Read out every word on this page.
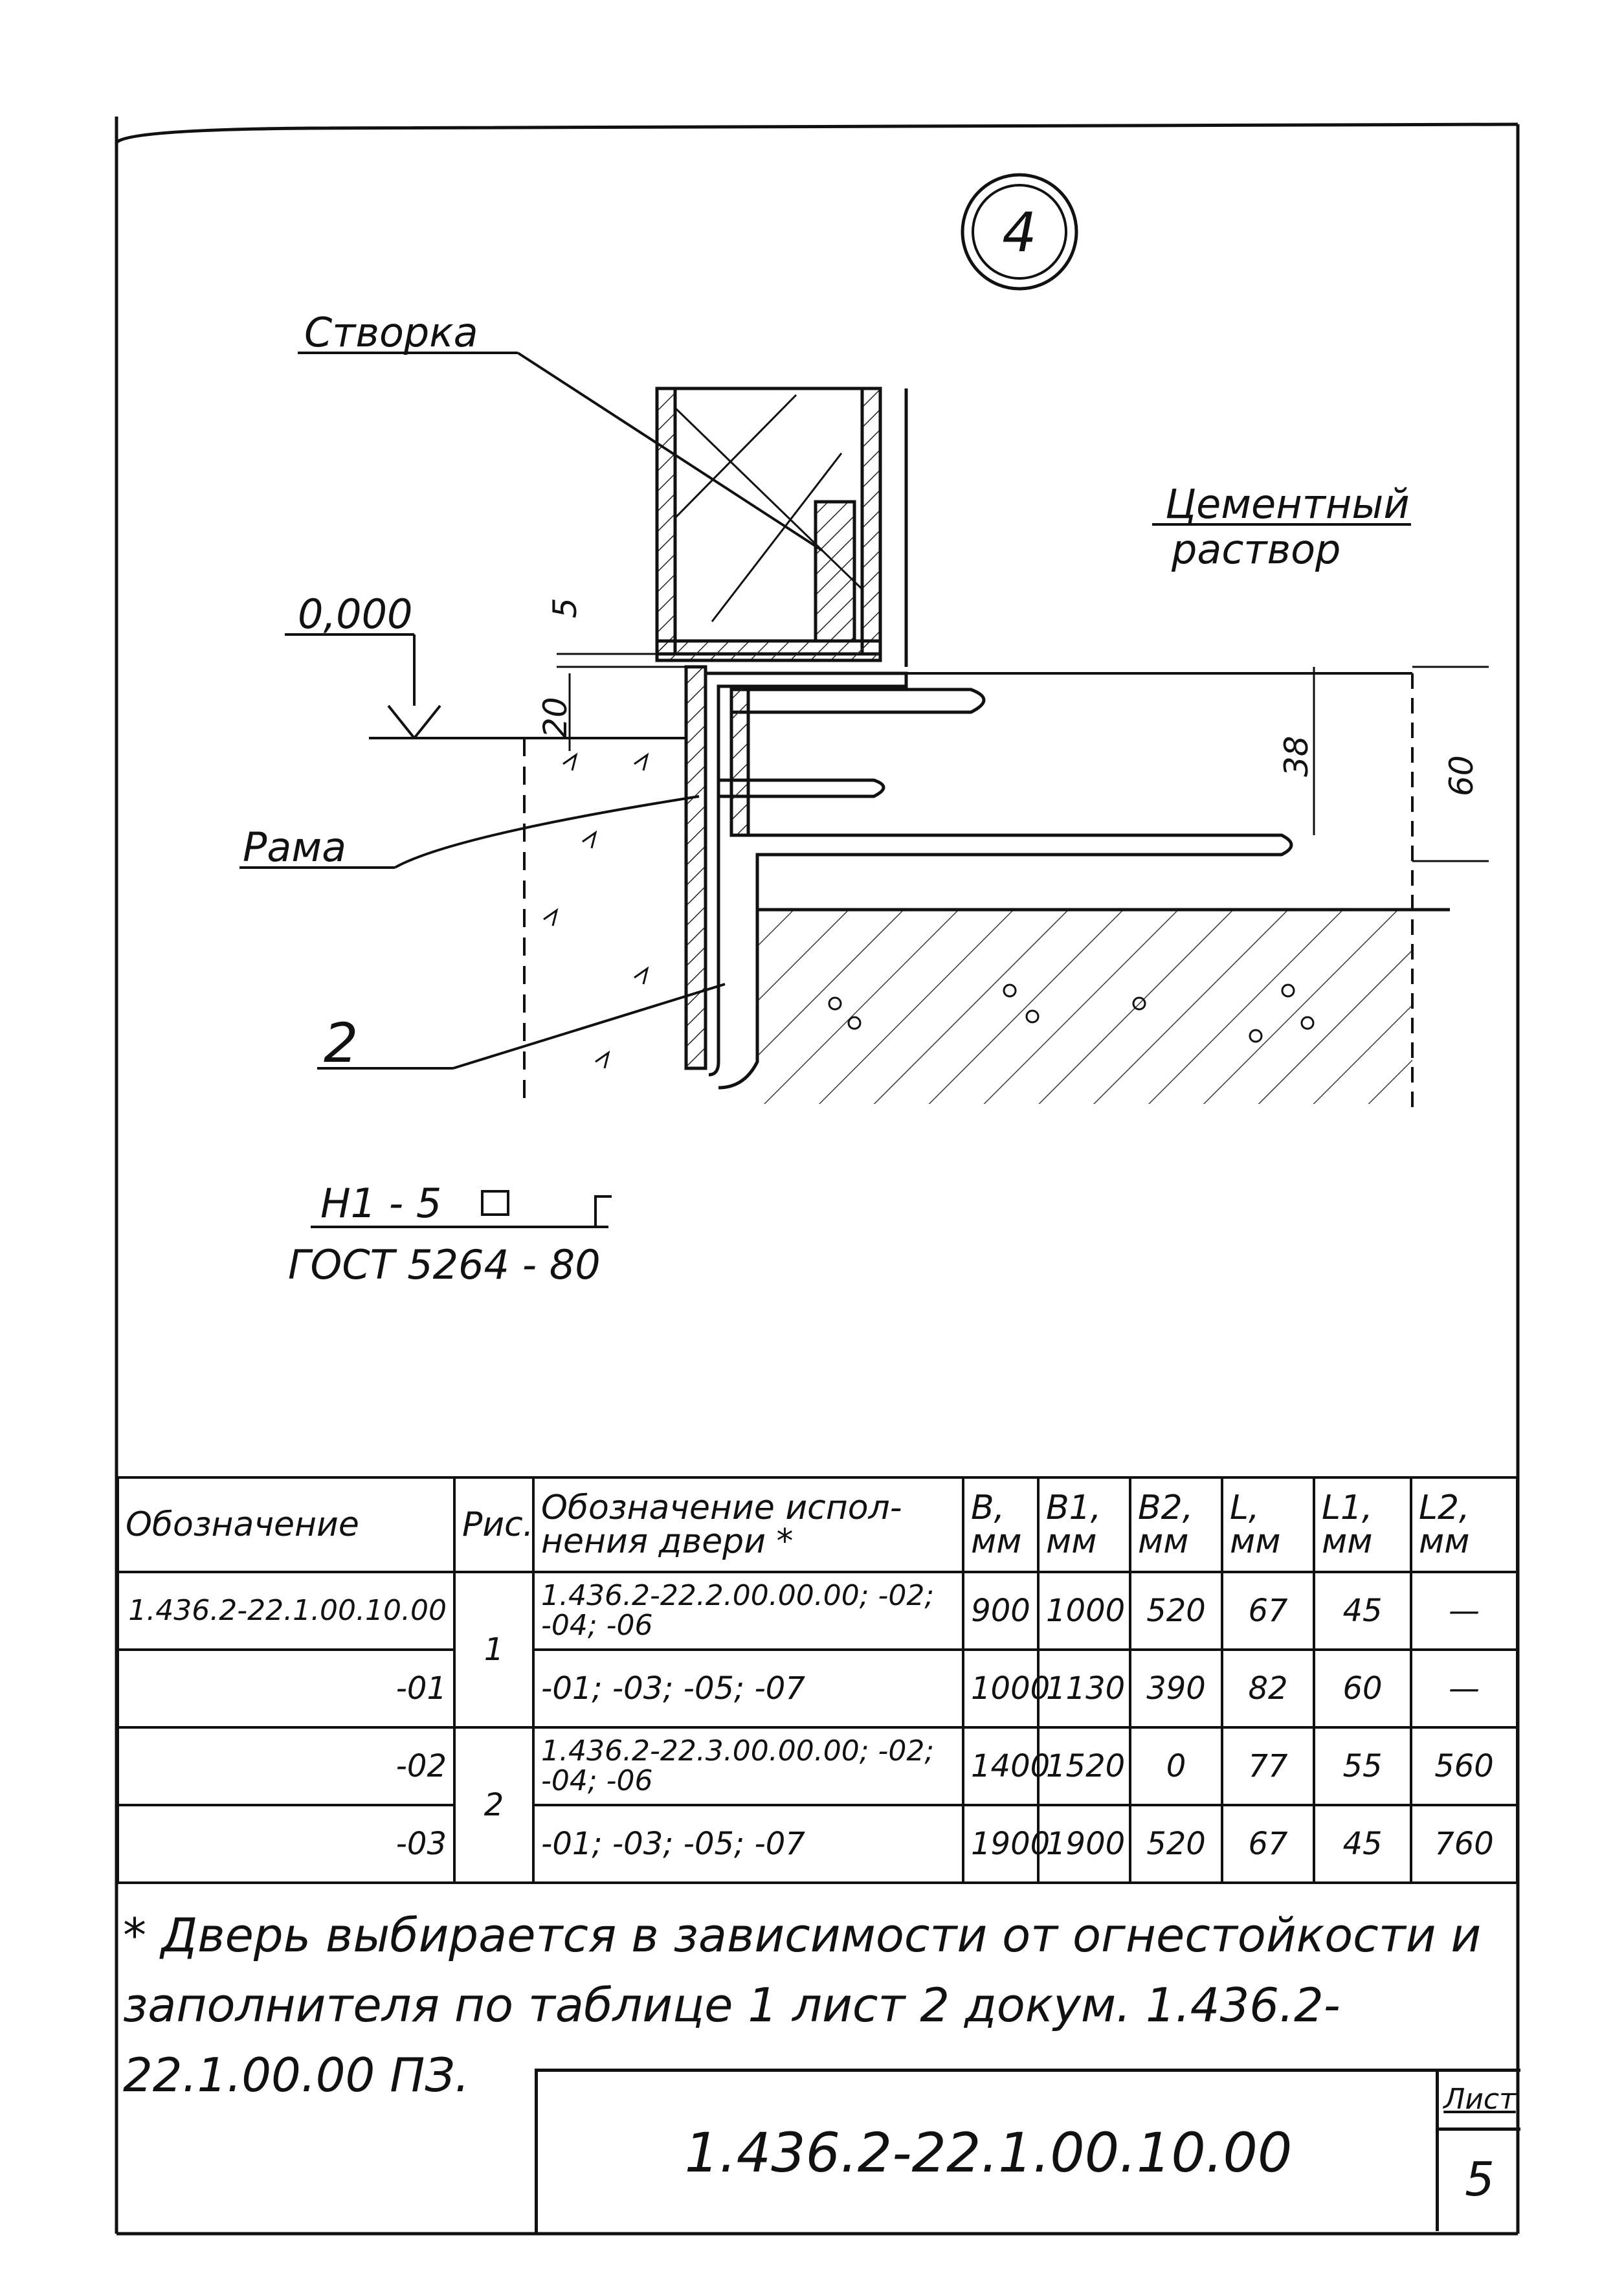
4
Створка
Цементный
раствор
0,000
Рама
2
5
20
38	60
Н1 - 5
ГОСТ 5264 - 80
Обозначение	Рис.	Обозначение испол-нения двери *	В, мм	В1, мм	В2, мм	L, мм	L1, мм	L2, мм
1.436.2-22.1.00.10.00	1	1.436.2-22.2.00.00.00; -02; -04; -06	900	1000	520	67	45	—
-01		-01; -03; -05; -07	1000	1130	390	82	60	—
-02	2	1.436.2-22.3.00.00.00; -02; -04; -06	1400	1520	0	77	55	560
-03		-01; -03; -05; -07	1900	1900	520	67	45	760
* Дверь выбирается в зависимости от огнестойкости и заполнителя по таблице 1 лист 2 докум. 1.436.2-22.1.00.00 ПЗ.
1.436.2-22.1.00.10.00
Лист
5
